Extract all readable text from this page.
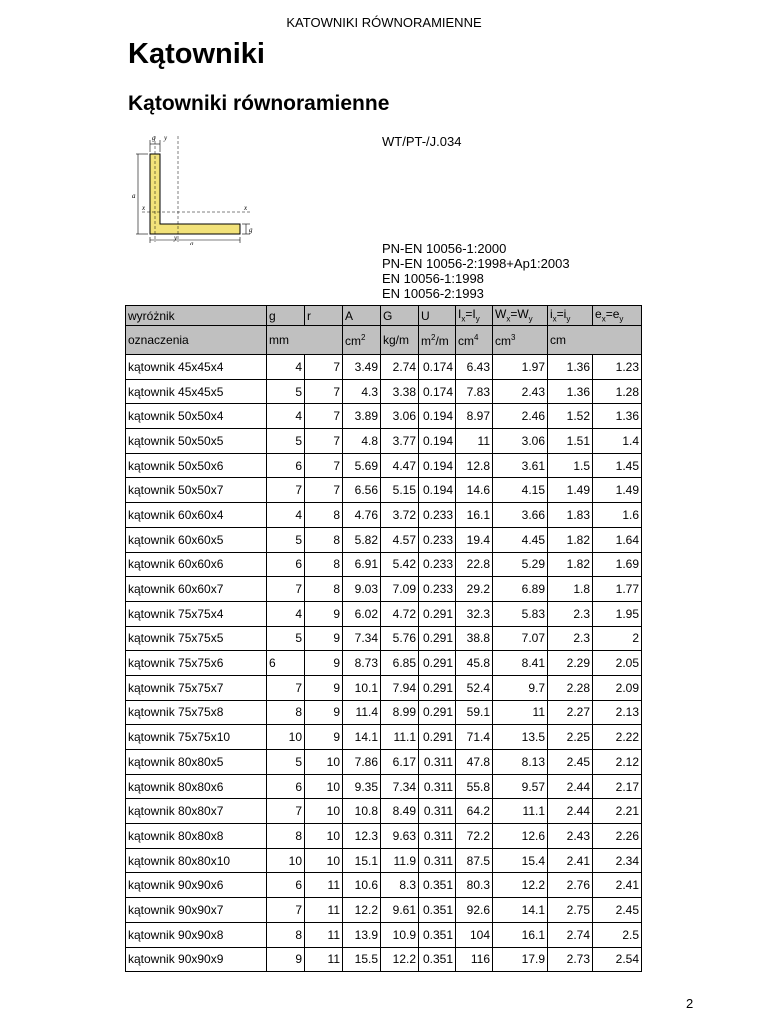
KATOWNIKI RÓWNORAMIENNE
Kątowniki
Kątowniki równoramienne
a
a
g
g
y
x
x
y
WT/PT-/J.034
PN-EN 10056-1:2000
PN-EN 10056-2:1998+Ap1:2003
EN 10056-1:1998
EN 10056-2:1993
wyróżnik	g	r	A	G	U	$I_x=I_y$	$W_x=W_y$	$i_x=i_y$	$e_x=e_y$
oznaczenia	mm		$cm^2$	kg/m	$m^2/m$	$cm^4$	$cm^3$	cm	
kątownik 45x45x4	4	7	3.49	2.74	0.174	6.43	1.97	1.36	1.23
kątownik 45x45x5	5	7	4.3	3.38	0.174	7.83	2.43	1.36	1.28
kątownik 50x50x4	4	7	3.89	3.06	0.194	8.97	2.46	1.52	1.36
kątownik 50x50x5	5	7	4.8	3.77	0.194	11	3.06	1.51	1.4
kątownik 50x50x6	6	7	5.69	4.47	0.194	12.8	3.61	1.5	1.45
kątownik 50x50x7	7	7	6.56	5.15	0.194	14.6	4.15	1.49	1.49
kątownik 60x60x4	4	8	4.76	3.72	0.233	16.1	3.66	1.83	1.6
kątownik 60x60x5	5	8	5.82	4.57	0.233	19.4	4.45	1.82	1.64
kątownik 60x60x6	6	8	6.91	5.42	0.233	22.8	5.29	1.82	1.69
kątownik 60x60x7	7	8	9.03	7.09	0.233	29.2	6.89	1.8	1.77
kątownik 75x75x4	4	9	6.02	4.72	0.291	32.3	5.83	2.3	1.95
kątownik 75x75x5	5	9	7.34	5.76	0.291	38.8	7.07	2.3	2
kątownik 75x75x6	6	9	8.73	6.85	0.291	45.8	8.41	2.29	2.05
kątownik 75x75x7	7	9	10.1	7.94	0.291	52.4	9.7	2.28	2.09
kątownik 75x75x8	8	9	11.4	8.99	0.291	59.1	11	2.27	2.13
kątownik 75x75x10	10	9	14.1	11.1	0.291	71.4	13.5	2.25	2.22
kątownik 80x80x5	5	10	7.86	6.17	0.311	47.8	8.13	2.45	2.12
kątownik 80x80x6	6	10	9.35	7.34	0.311	55.8	9.57	2.44	2.17
kątownik 80x80x7	7	10	10.8	8.49	0.311	64.2	11.1	2.44	2.21
kątownik 80x80x8	8	10	12.3	9.63	0.311	72.2	12.6	2.43	2.26
kątownik 80x80x10	10	10	15.1	11.9	0.311	87.5	15.4	2.41	2.34
kątownik 90x90x6	6	11	10.6	8.3	0.351	80.3	12.2	2.76	2.41
kątownik 90x90x7	7	11	12.2	9.61	0.351	92.6	14.1	2.75	2.45
kątownik 90x90x8	8	11	13.9	10.9	0.351	104	16.1	2.74	2.5
kątownik 90x90x9	9	11	15.5	12.2	0.351	116	17.9	2.73	2.54
2
